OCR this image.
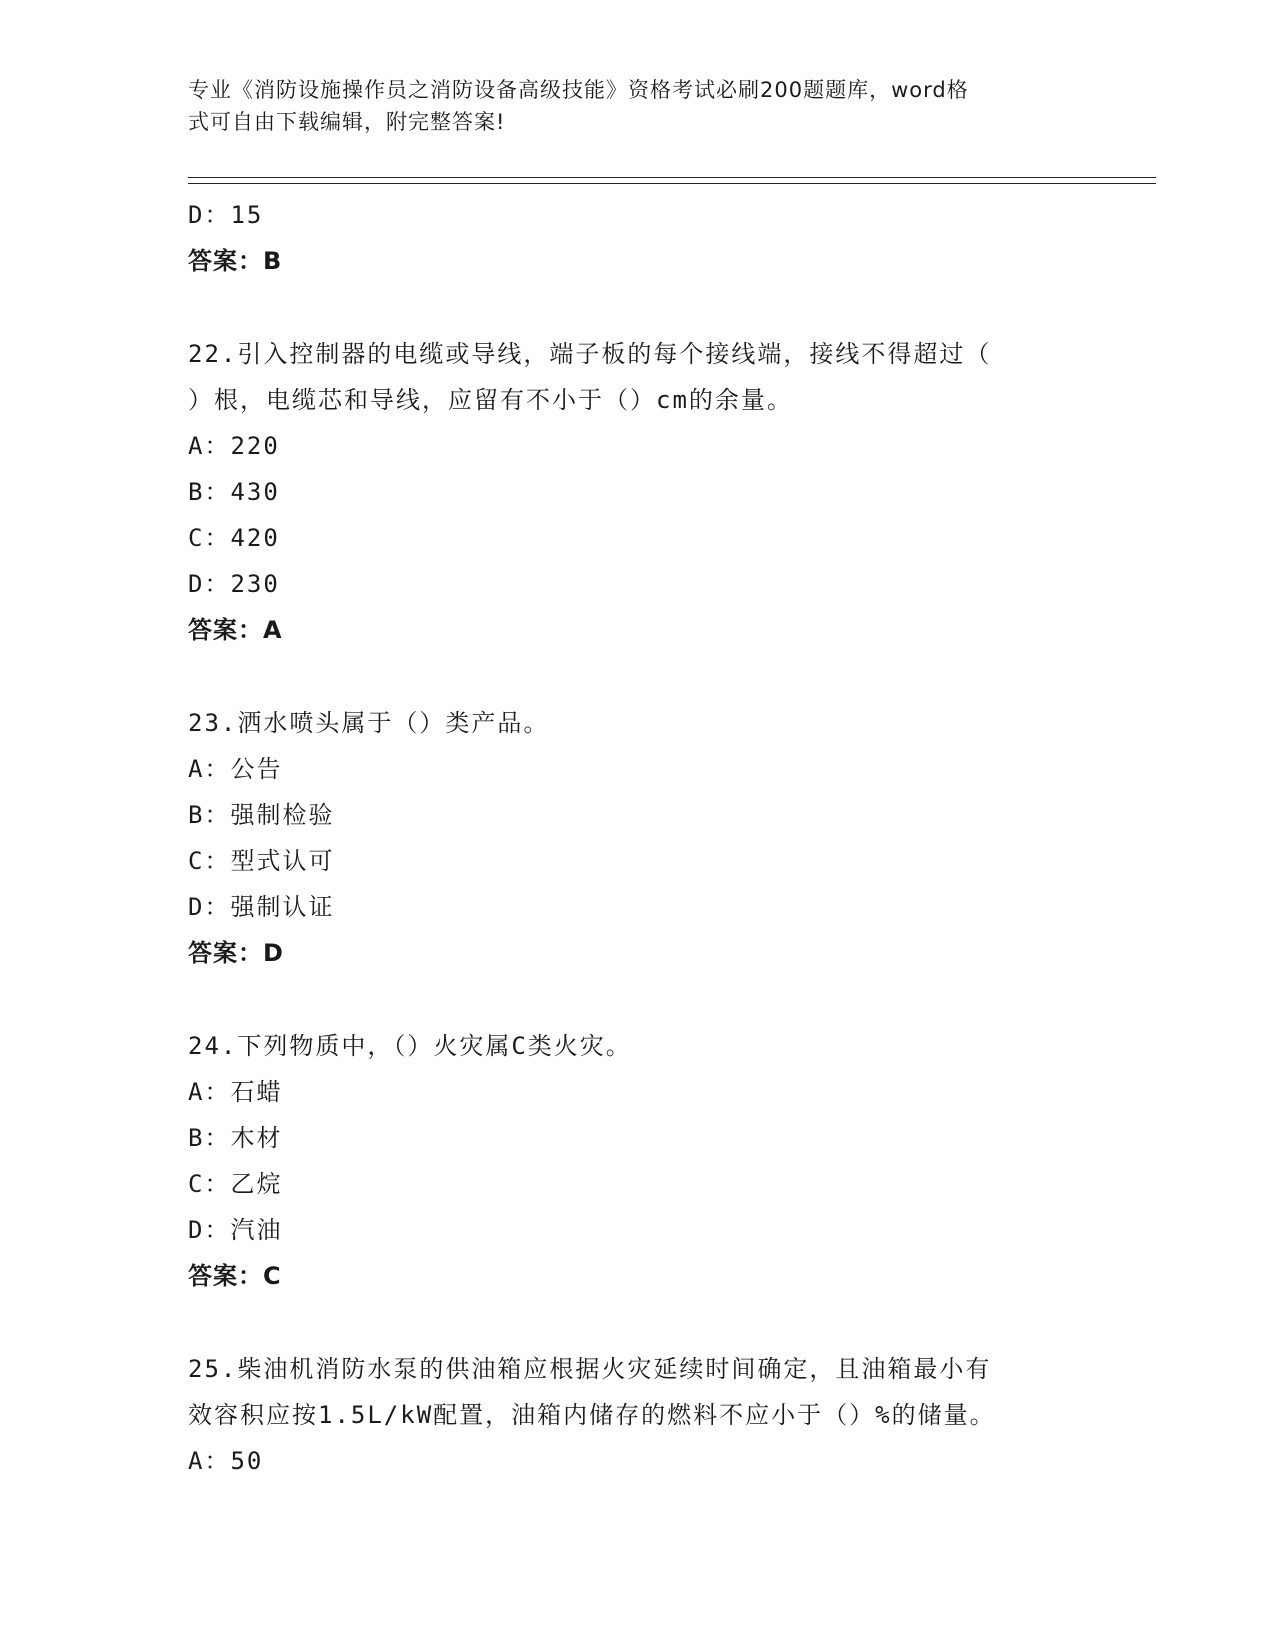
专业《消防设施操作员之消防设备高级技能》资格考试必刷200题题库，word格
式可自由下载编辑，附完整答案!

D：15

答案：B

22.引入控制器的电缆或导线，端子板的每个接线端，接线不得超过（

）根，电缆芯和导线，应留有不小于（）cm的余量。

A：220

B：430

C：420

D：230

答案：A

23.洒水喷头属于（）类产品。

A：公告

B：强制检验

C：型式认可

D：强制认证

答案：D

24.下列物质中，（）火灾属C类火灾。

A：石蜡

B：木材

C：乙烷

D：汽油

答案：C

25.柴油机消防水泵的供油箱应根据火灾延续时间确定，且油箱最小有

效容积应按1.5L/kW配置，油箱内储存的燃料不应小于（）%的储量。

A：50
